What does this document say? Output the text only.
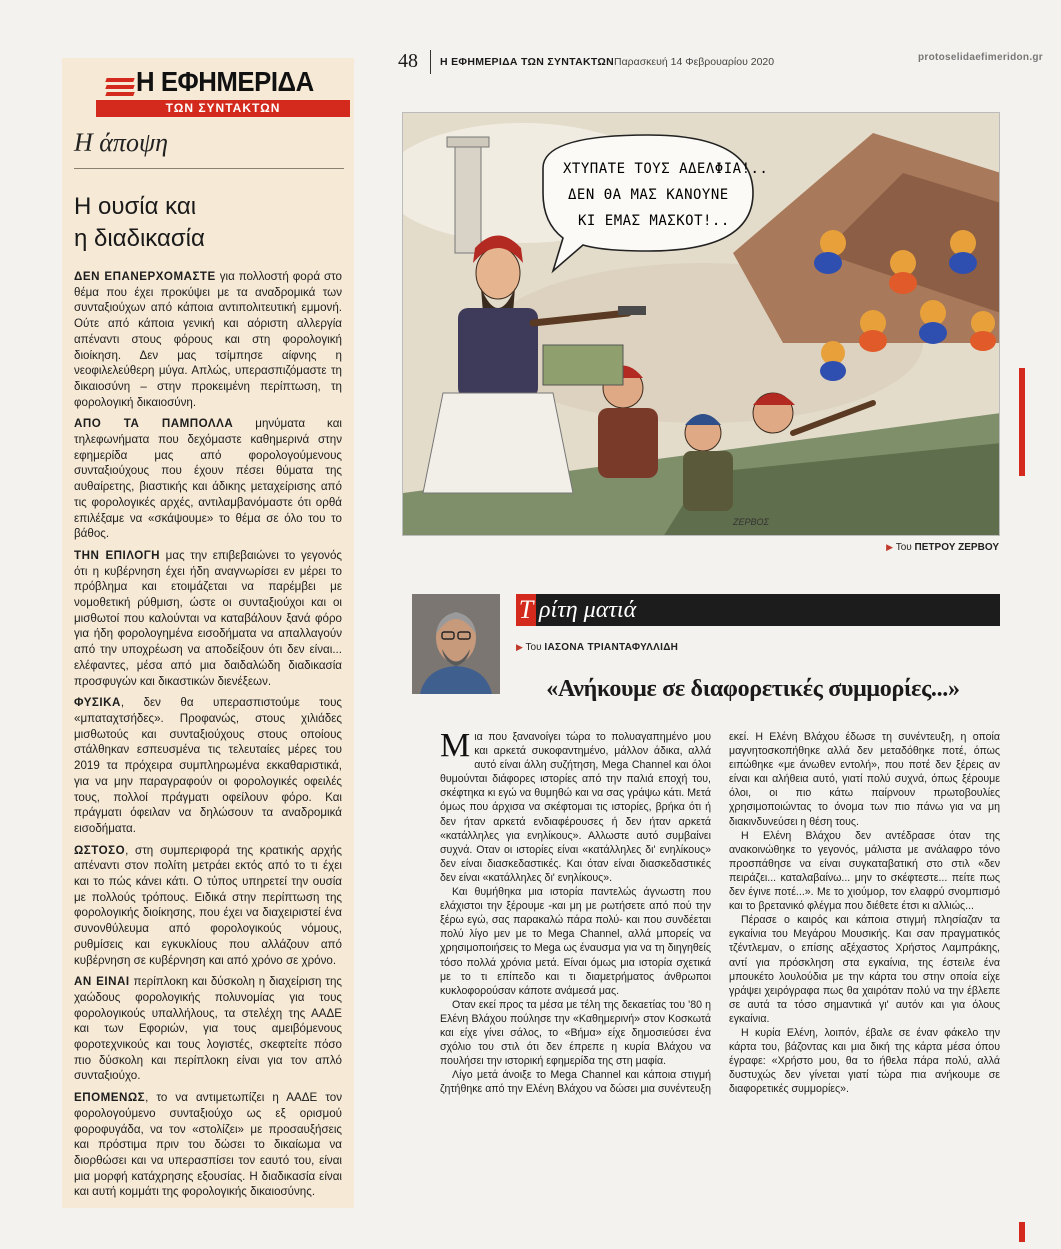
Η ΕΦΗΜΕΡΙΔΑ
ΤΩΝ ΣΥΝΤΑΚΤΩΝ
Η άποψη
Η ουσία και
η διαδικασία

ΔΕΝ ΕΠΑΝΕΡΧΟΜΑΣΤΕ για πολλοστή φορά στο θέμα που έχει προκύψει με τα αναδρομικά των συνταξιούχων από κάποια αντιπολιτευτική εμμονή. Ούτε από κάποια γενική και αόριστη αλλεργία απέναντι στους φόρους και στη φορολογική διοίκηση. Δεν μας τσίμπησε αίφνης η νεοφιλελεύθερη μύγα. Απλώς, υπερασπιζόμαστε τη δικαιοσύνη – στην προκειμένη περίπτωση, τη φορολογική δικαιοσύνη.

ΑΠΟ ΤΑ ΠΑΜΠΟΛΛΑ μηνύματα και τηλεφωνήματα που δεχόμαστε καθημερινά στην εφημερίδα μας από φορολογούμενους συνταξιούχους που έχουν πέσει θύματα της αυθαίρετης, βιαστικής και άδικης μεταχείρισης από τις φορολογικές αρχές, αντιλαμβανόμαστε ότι ορθά επιλέξαμε να «σκάψουμε» το θέμα σε όλο του το βάθος.

ΤΗΝ ΕΠΙΛΟΓΗ μας την επιβεβαιώνει το γεγονός ότι η κυβέρνηση έχει ήδη αναγνωρίσει εν μέρει το πρόβλημα και ετοιμάζεται να παρέμβει με νομοθετική ρύθμιση, ώστε οι συνταξιούχοι και οι μισθωτοί που καλούνται να καταβάλουν ξανά φόρο για ήδη φορολογημένα εισοδήματα να απαλλαγούν από την υποχρέωση να αποδείξουν ότι δεν είναι... ελέφαντες, μέσα από μια δαιδαλώδη διαδικασία προσφυγών και δικαστικών διενέξεων.

ΦΥΣΙΚΑ, δεν θα υπερασπιστούμε τους «μπαταχτσήδες». Προφανώς, στους χιλιάδες μισθωτούς και συνταξιούχους στους οποίους στάλθηκαν εσπευσμένα τις τελευταίες μέρες του 2019 τα πρόχειρα συμπληρωμένα εκκαθαριστικά, για να μην παραγραφούν οι φορολογικές οφειλές τους, πολλοί πράγματι οφείλουν φόρο. Και πράγματι όφειλαν να δηλώσουν τα αναδρομικά εισοδήματα.

ΩΣΤΟΣΟ, στη συμπεριφορά της κρατικής αρχής απέναντι στον πολίτη μετράει εκτός από το τι έχει και το πώς κάνει κάτι. Ο τύπος υπηρετεί την ουσία με πολλούς τρόπους. Ειδικά στην περίπτωση της φορολογικής διοίκησης, που έχει να διαχειριστεί ένα συνονθύλευμα από φορολογικούς νόμους, ρυθμίσεις και εγκυκλίους που αλλάζουν από κυβέρνηση σε κυβέρνηση και από χρόνο σε χρόνο.

ΑΝ ΕΙΝΑΙ περίπλοκη και δύσκολη η διαχείριση της χαώδους φορολογικής πολυνομίας για τους φορολογικούς υπαλλήλους, τα στελέχη της ΑΑΔΕ και των Εφοριών, για τους αμειβόμενους φοροτεχνικούς και τους λογιστές, σκεφτείτε πόσο πιο δύσκολη και περίπλοκη είναι για τον απλό συνταξιούχο.

ΕΠΟΜΕΝΩΣ, το να αντιμετωπίζει η ΑΑΔΕ τον φορολογούμενο συνταξιούχο ως εξ ορισμού φοροφυγάδα, να τον «στολίζει» με προσαυξήσεις και πρόστιμα πριν του δώσει το δικαίωμα να διορθώσει και να υπερασπίσει τον εαυτό του, είναι μια μορφή κατάχρησης εξουσίας. Η διαδικασία είναι και αυτή κομμάτι της φορολογικής δικαιοσύνης.

48 Η ΕΦΗΜΕΡΙΔΑ ΤΩΝ ΣΥΝΤΑΚΤΩΝ Παρασκευή 14 Φεβρουαρίου 2020	protoselidaefimeridon.gr
ΧΤΥΠΑΤΕ ΤΟΥΣ ΑΔΕΛΦΙΑ!..
ΔΕΝ ΘΑ ΜΑΣ ΚΑΝΟΥΝΕ
ΚΙ ΕΜΑΣ ΜΑΣΚΟΤ!..
ΖΕΡΒΟΣ
▶ Του ΠΕΤΡΟΥ ΖΕΡΒΟΥ
Τ ρίτη ματιά
▶ Του ΙΑΣΟΝΑ ΤΡΙΑΝΤΑΦΥΛΛΙΔΗ
«Ανήκουμε σε διαφορετικές συμμορίες...»

Μια που ξανανοίγει τώρα το πολυαγαπημένο μου και αρκετά συκοφαντημένο, μάλλον άδικα, αλλά αυτό είναι άλλη συζήτηση, Mega Channel και όλοι θυμούνται διάφορες ιστορίες από την παλιά εποχή του, σκέφτηκα κι εγώ να θυμηθώ και να σας γράψω κάτι. Μετά όμως που άρχισα να σκέφτομαι τις ιστορίες, βρήκα ότι ή δεν ήταν αρκετά ενδιαφέρουσες ή δεν ήταν αρκετά «κατάλληλες για ενηλίκους». Αλλωστε αυτό συμβαίνει συχνά. Οταν οι ιστορίες είναι «κατάλληλες δι' ενηλίκους» δεν είναι διασκεδαστικές. Και όταν είναι διασκεδαστικές δεν είναι «κατάλληλες δι' ενηλίκους».

Και θυμήθηκα μια ιστορία παντελώς άγνωστη που ελάχιστοι την ξέρουμε -και μη με ρωτήσετε από πού την ξέρω εγώ, σας παρακαλώ πάρα πολύ- και που συνδέεται πολύ λίγο μεν με το Mega Channel, αλλά μπορείς να χρησιμοποιήσεις το Mega ως έναυσμα για να τη διηγηθείς τόσο πολλά χρόνια μετά. Είναι όμως μια ιστορία σχετικά με το τι επίπεδο και τι διαμετρήματος άνθρωποι κυκλοφορούσαν κάποτε ανάμεσά μας.

Οταν εκεί προς τα μέσα με τέλη της δεκαετίας του '80 η Ελένη Βλάχου πούλησε την «Καθημερινή» στον Κοσκωτά και είχε γίνει σάλος, το «Βήμα» είχε δημοσιεύσει ένα σχόλιο του στιλ ότι δεν έπρεπε η κυρία Βλάχου να πουλήσει την ιστορική εφημερίδα της στη μαφία.

Λίγο μετά άνοιξε το Mega Channel και κάποια στιγμή ζητήθηκε από την Ελένη Βλάχου να δώσει μια συνέντευξη εκεί. Η Ελένη Βλάχου έδωσε τη συνέντευξη, η οποία μαγνητοσκοπήθηκε αλλά δεν μεταδόθηκε ποτέ, όπως ειπώθηκε «με άνωθεν εντολή», που ποτέ δεν ξέρεις αν είναι και αλήθεια αυτό, γιατί πολύ συχνά, όπως ξέρουμε όλοι, οι πιο κάτω παίρνουν πρωτοβουλίες χρησιμοποιώντας το όνομα των πιο πάνω για να μη διακινδυνεύσει η θέση τους.

Η Ελένη Βλάχου δεν αντέδρασε όταν της ανακοινώθηκε το γεγονός, μάλιστα με ανάλαφρο τόνο προσπάθησε να είναι συγκαταβατική στο στιλ «δεν πειράζει... καταλαβαίνω... μην το σκέφτεστε... πείτε πως δεν έγινε ποτέ...». Με το χιούμορ, τον ελαφρύ σνομπισμό και το βρετανικό φλέγμα που διέθετε έτσι κι αλλιώς...

Πέρασε ο καιρός και κάποια στιγμή πλησίαζαν τα εγκαίνια του Μεγάρου Μουσικής. Και σαν πραγματικός τζέντλεμαν, ο επίσης αξέχαστος Χρήστος Λαμπράκης, αντί για πρόσκληση στα εγκαίνια, της έστειλε ένα μπουκέτο λουλούδια με την κάρτα του στην οποία είχε γράψει χειρόγραφα πως θα χαιρόταν πολύ να την έβλεπε σε αυτά τα τόσο σημαντικά γι' αυτόν και για όλους εγκαίνια.

Η κυρία Ελένη, λοιπόν, έβαλε σε έναν φάκελο την κάρτα του, βάζοντας και μια δική της κάρτα μέσα όπου έγραφε: «Χρήστο μου, θα το ήθελα πάρα πολύ, αλλά δυστυχώς δεν γίνεται γιατί τώρα πια ανήκουμε σε διαφορετικές συμμορίες».
